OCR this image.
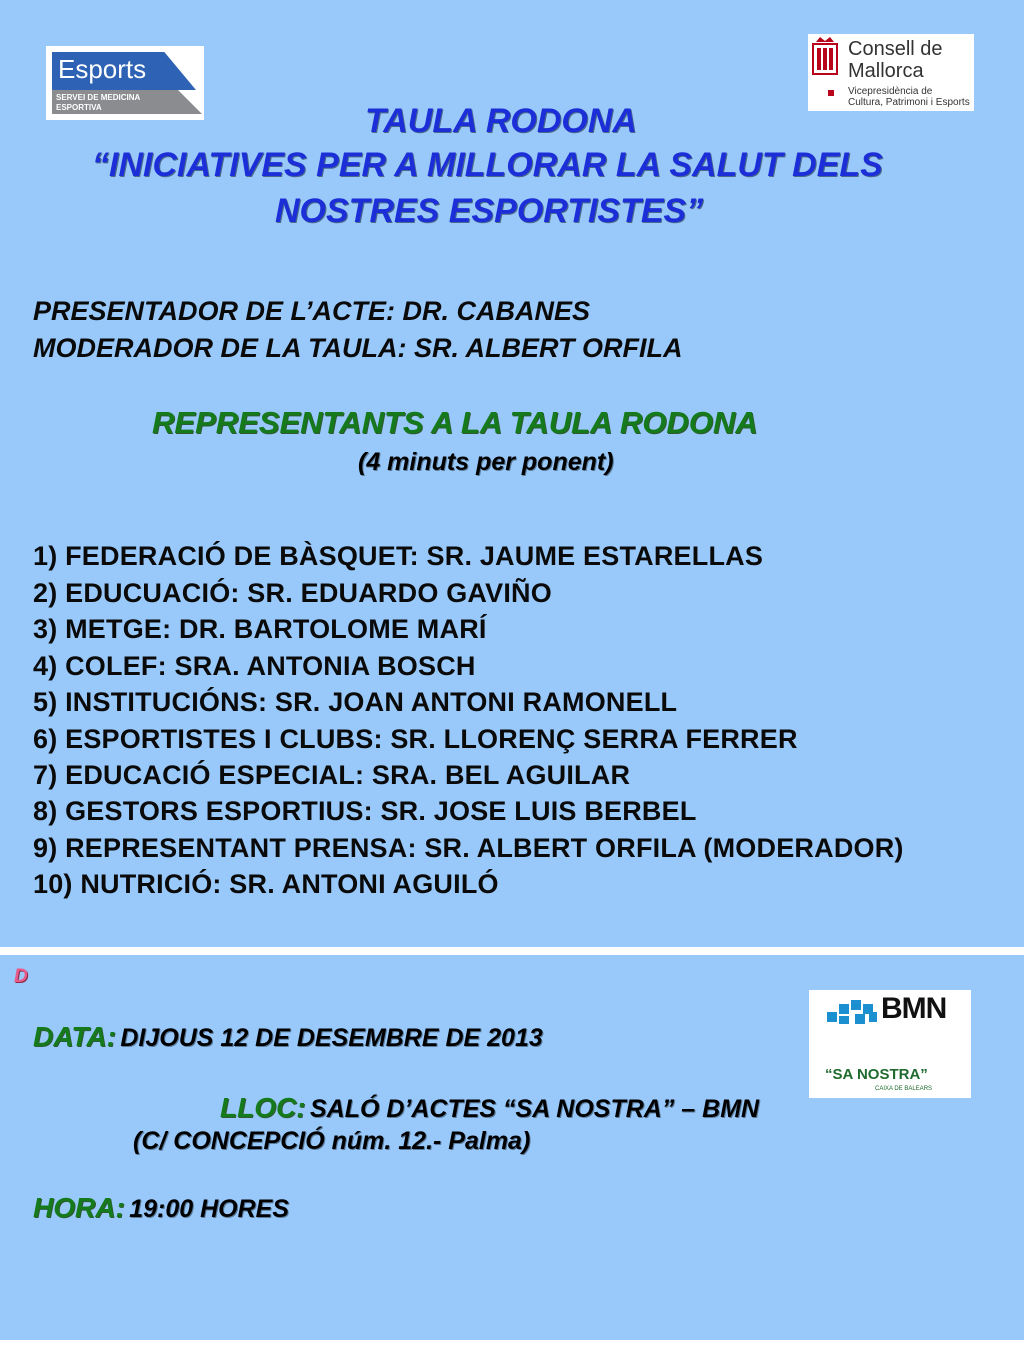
Esports
SERVEI DE MEDICINA
ESPORTIVA
Consell de
Mallorca
Vicepresidència de
Cultura, Patrimoni i Esports
TAULA RODONA
“INICIATIVES PER A MILLORAR LA SALUT DELS
NOSTRES ESPORTISTES”
PRESENTADOR DE L’ACTE: DR. CABANES
MODERADOR DE LA TAULA: SR. ALBERT ORFILA
REPRESENTANTS A LA TAULA RODONA
(4 minuts per ponent)
1) FEDERACIÓ DE BÀSQUET: SR. JAUME ESTARELLAS
2) EDUCUACIÓ: SR. EDUARDO GAVIÑO
3) METGE: DR. BARTOLOME MARÍ
4) COLEF: SRA. ANTONIA BOSCH
5) INSTITUCIÓNS: SR. JOAN ANTONI RAMONELL
6) ESPORTISTES I CLUBS: SR. LLORENÇ SERRA FERRER
7) EDUCACIÓ ESPECIAL: SRA. BEL AGUILAR
8) GESTORS ESPORTIUS: SR. JOSE LUIS BERBEL
9) REPRESENTANT PRENSA: SR. ALBERT ORFILA (MODERADOR)
10) NUTRICIÓ: SR. ANTONI AGUILÓ
D
DATA: DIJOUS 12 DE DESEMBRE DE 2013
LLOC: SALÓ D’ACTES “SA NOSTRA” – BMN
(C/ CONCEPCIÓ núm. 12.- Palma)
HORA: 19:00 HORES
BMN
“SA NOSTRA”
CAIXA DE BALEARS
